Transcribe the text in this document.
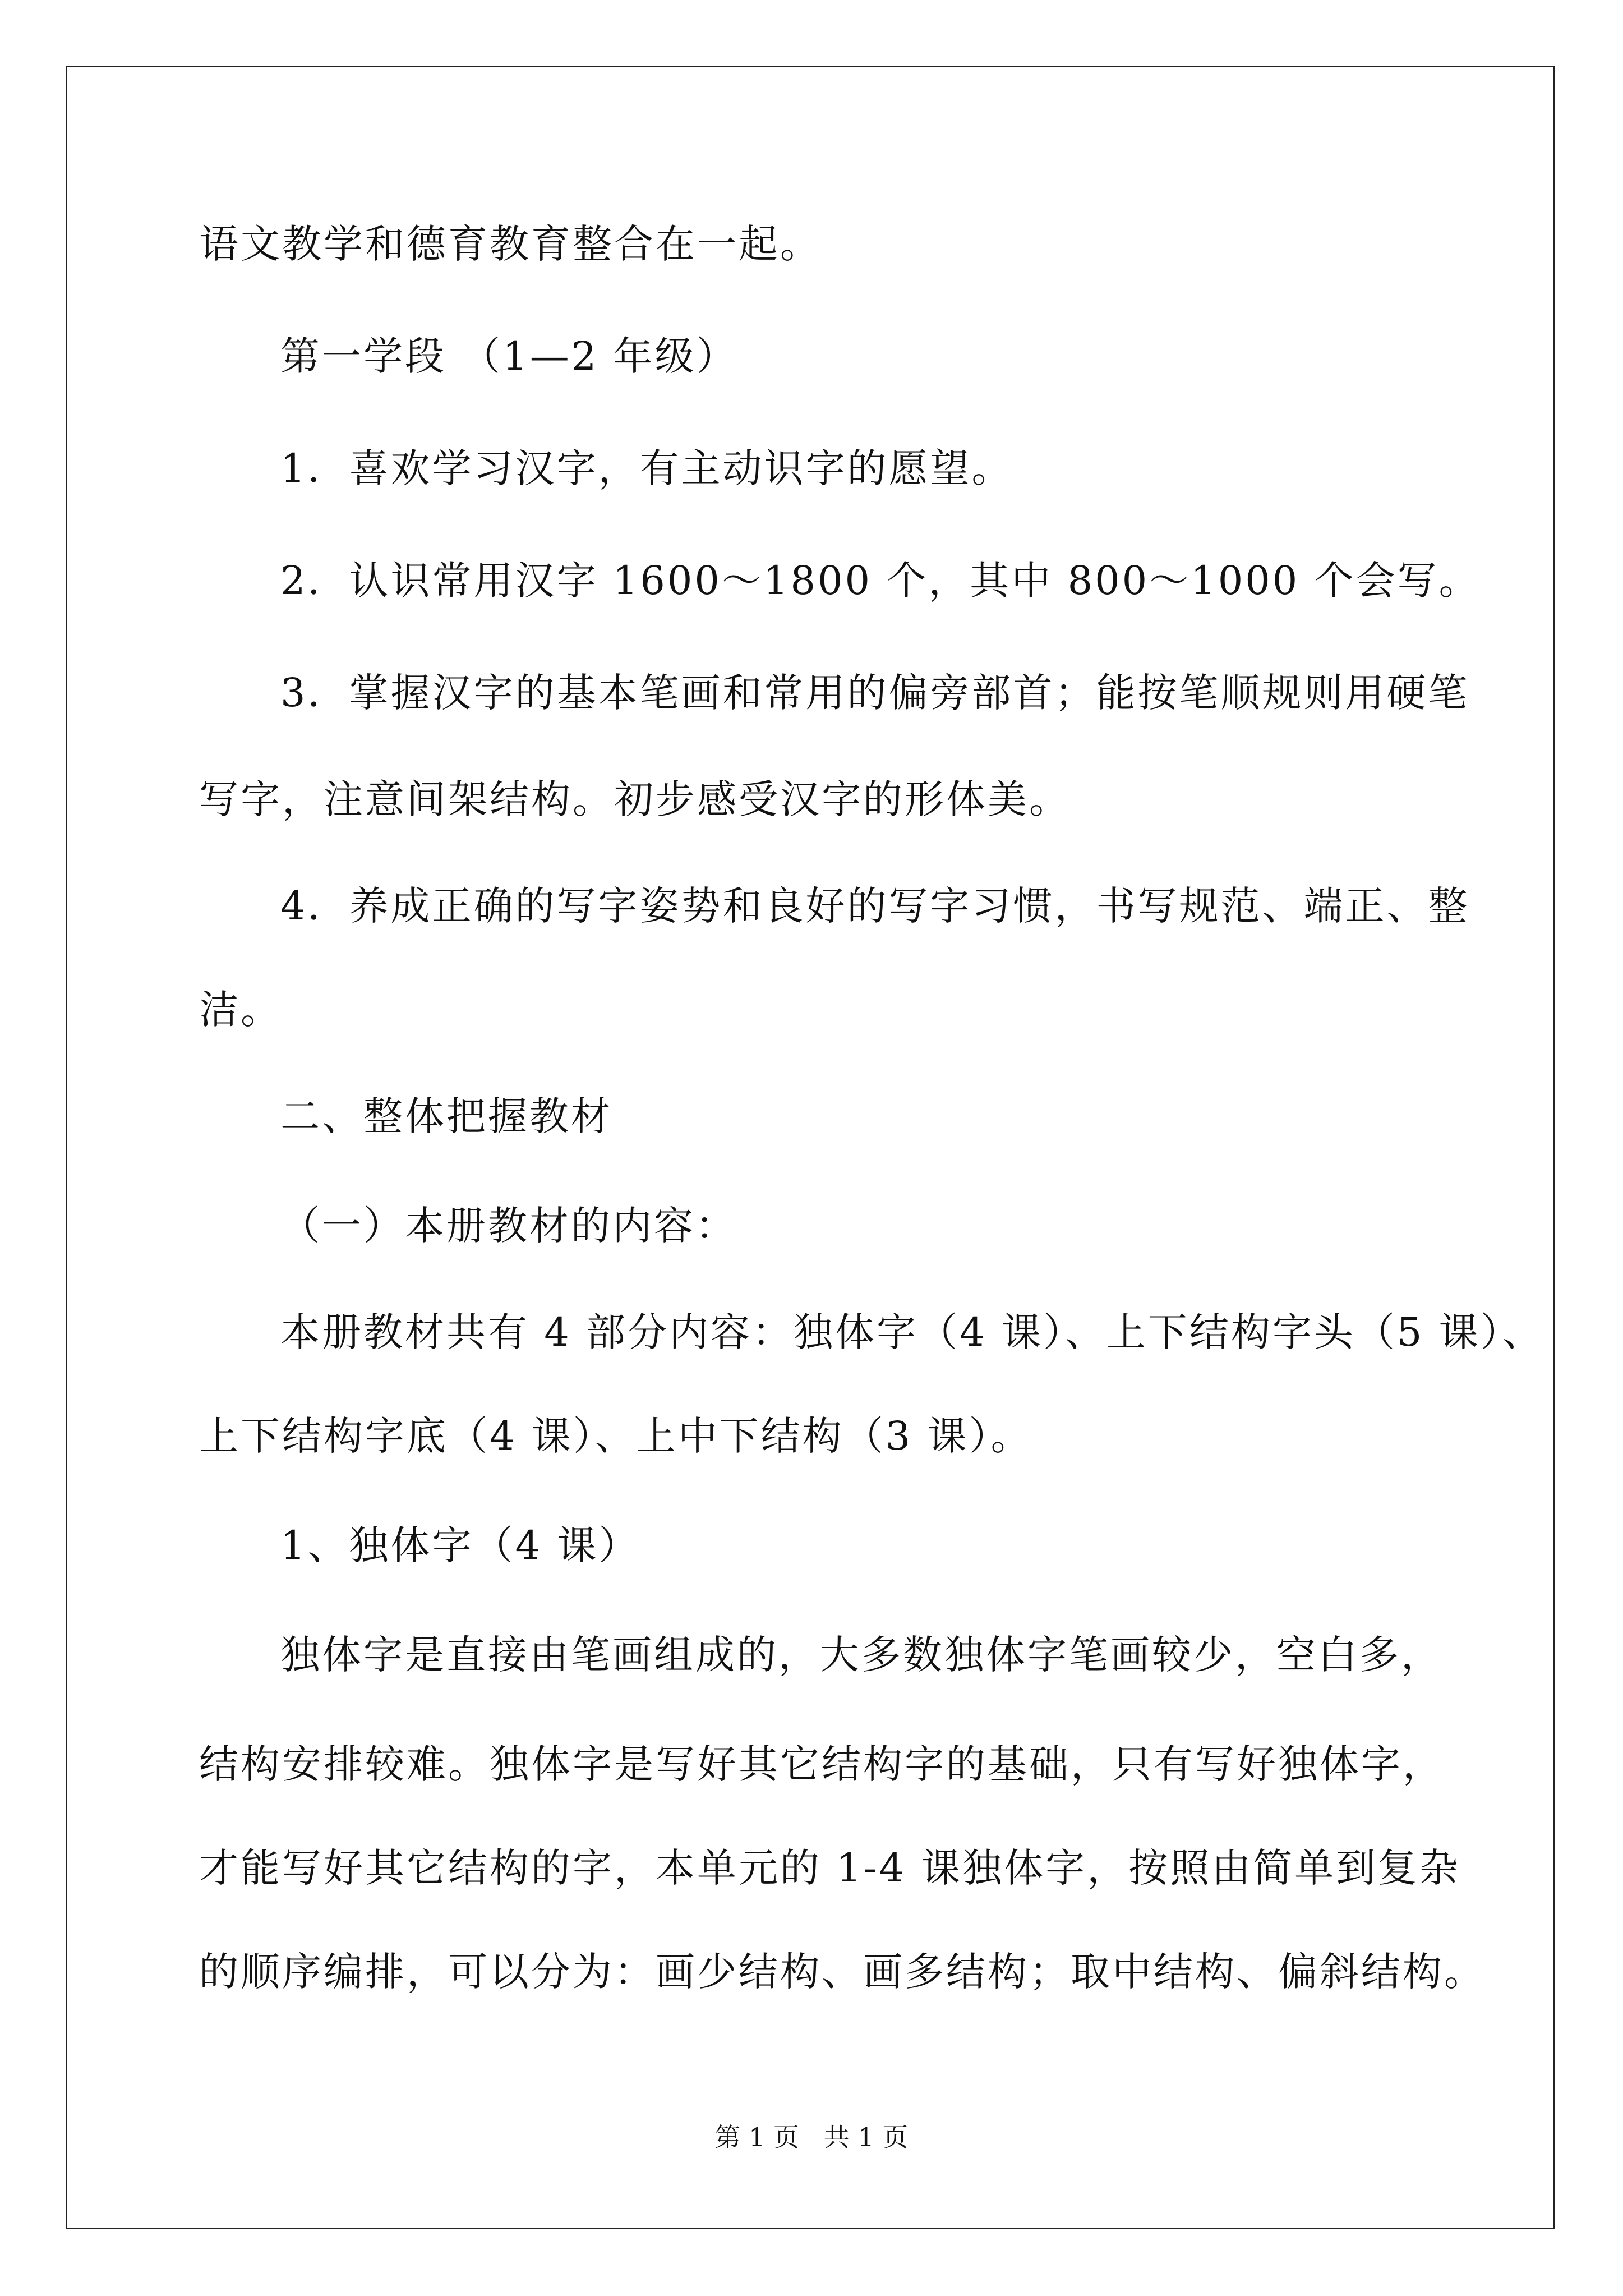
语文教学和德育教育整合在一起。
第一学段 （1—2 年级）
1．喜欢学习汉字，有主动识字的愿望。
2．认识常用汉字 1600～1800 个，其中 800～1000 个会写。
3．掌握汉字的基本笔画和常用的偏旁部首；能按笔顺规则用硬笔
写字，注意间架结构。初步感受汉字的形体美。
4．养成正确的写字姿势和良好的写字习惯，书写规范、端正、整
洁。
二、整体把握教材
（一）本册教材的内容：
本册教材共有 4 部分内容：独体字（4 课）、上下结构字头（5 课）、
上下结构字底（4 课）、上中下结构（3 课）。
1、独体字（4 课）
独体字是直接由笔画组成的，大多数独体字笔画较少，空白多，
结构安排较难。独体字是写好其它结构字的基础，只有写好独体字，
才能写好其它结构的字，本单元的 1-4 课独体字，按照由简单到复杂
的顺序编排，可以分为：画少结构、画多结构；取中结构、偏斜结构。
第 1 页   共 1 页
